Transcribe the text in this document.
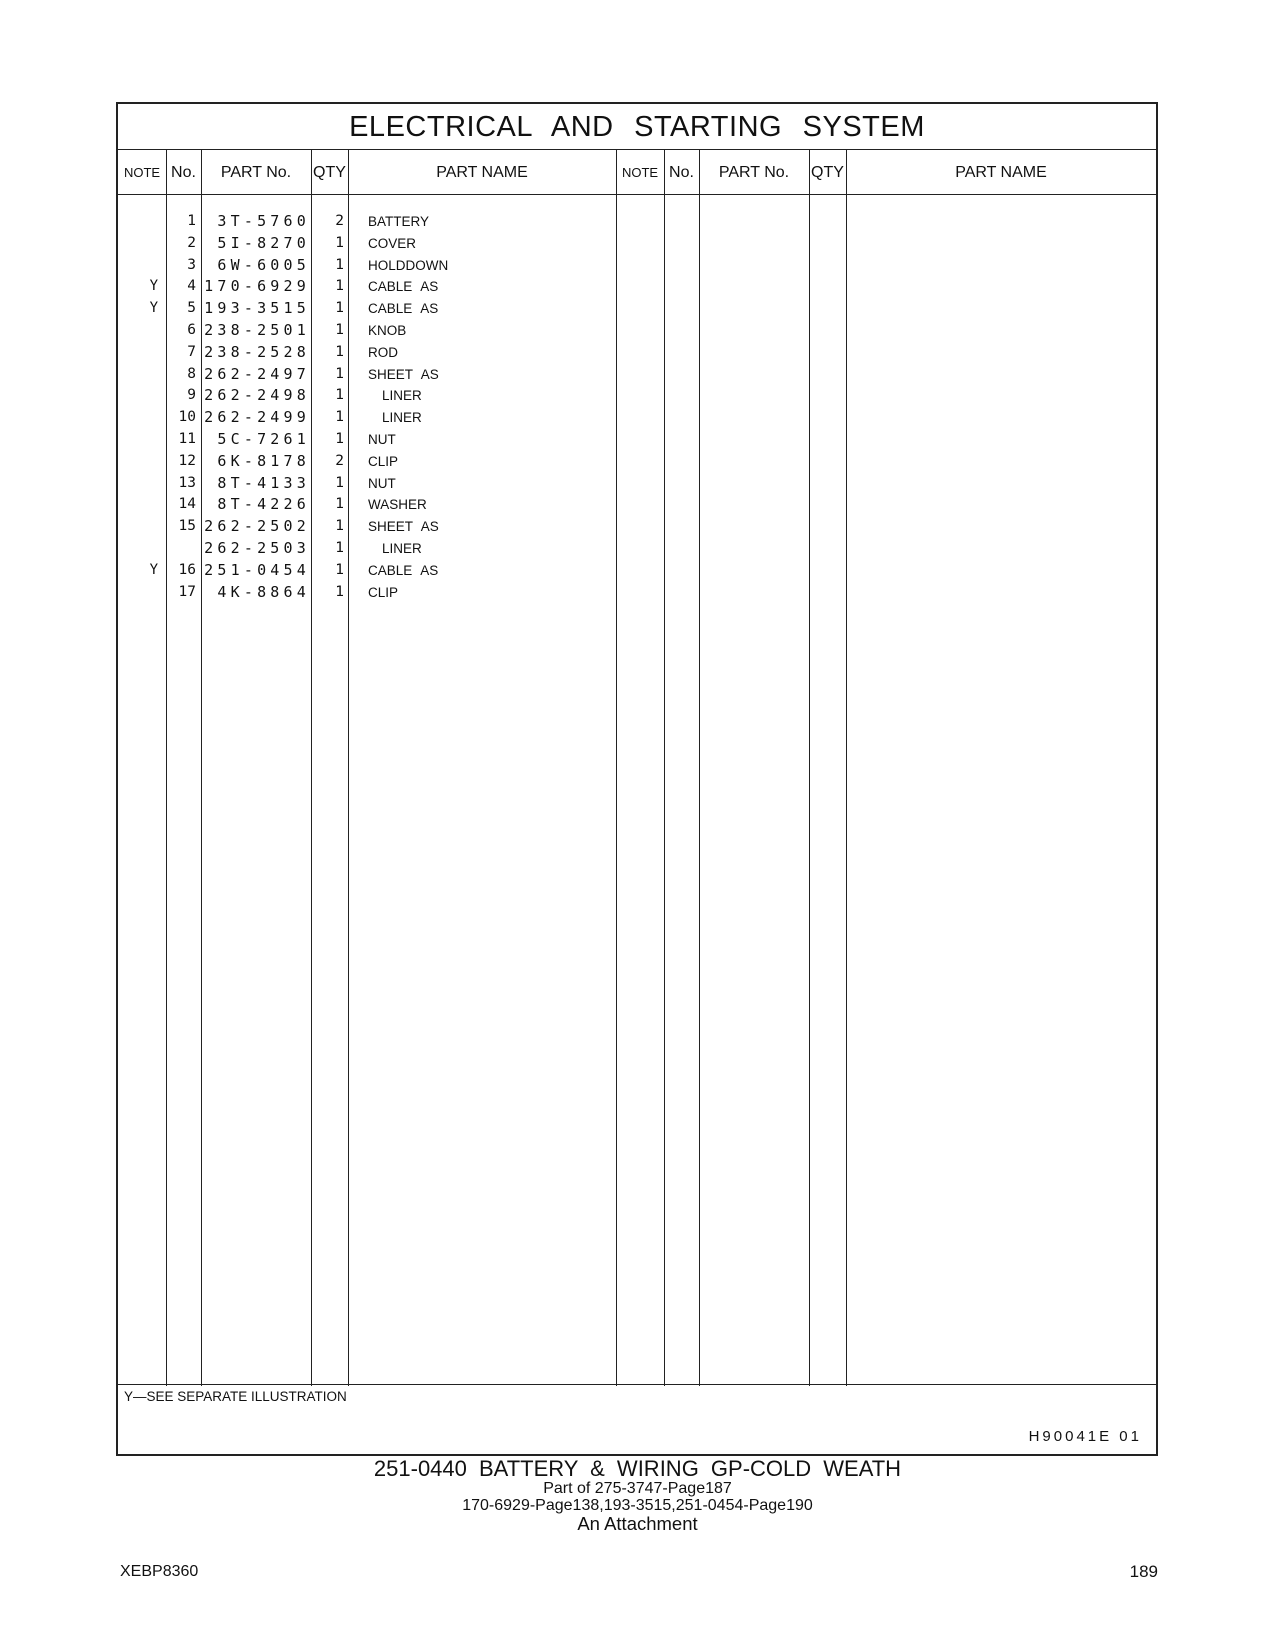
ELECTRICAL AND STARTING SYSTEM
NOTE No.	PART No.	QTY	PART NAME	NOTE No.	PART No.	QTY	PART NAME
1	3T-5760	2 BATTERY
2	5I-8270	1 COVER
3	6W-6005	1 HOLDDOWN
Y	4 170-6929	1 CABLE AS
Y	5 193-3515	1 CABLE AS
6 238-2501	1 KNOB
7 238-2528	1 ROD
8 262-2497	1 SHEET AS
9 262-2498	1	LINER
10 262-2499	1	LINER
11	5C-7261	1 NUT
12	6K-8178	2 CLIP
13	8T-4133	1 NUT
14	8T-4226	1 WASHER
15 262-2502	1 SHEET AS
262-2503	1	LINER
Y	16 251-0454	1 CABLE AS
17	4K-8864	1 CLIP
Y—SEE SEPARATE ILLUSTRATION
H90041E 01
251-0440 BATTERY & WIRING GP-COLD WEATH
Part of 275-3747-Page187
170-6929-Page138,193-3515,251-0454-Page190
An Attachment
XEBP8360	189
